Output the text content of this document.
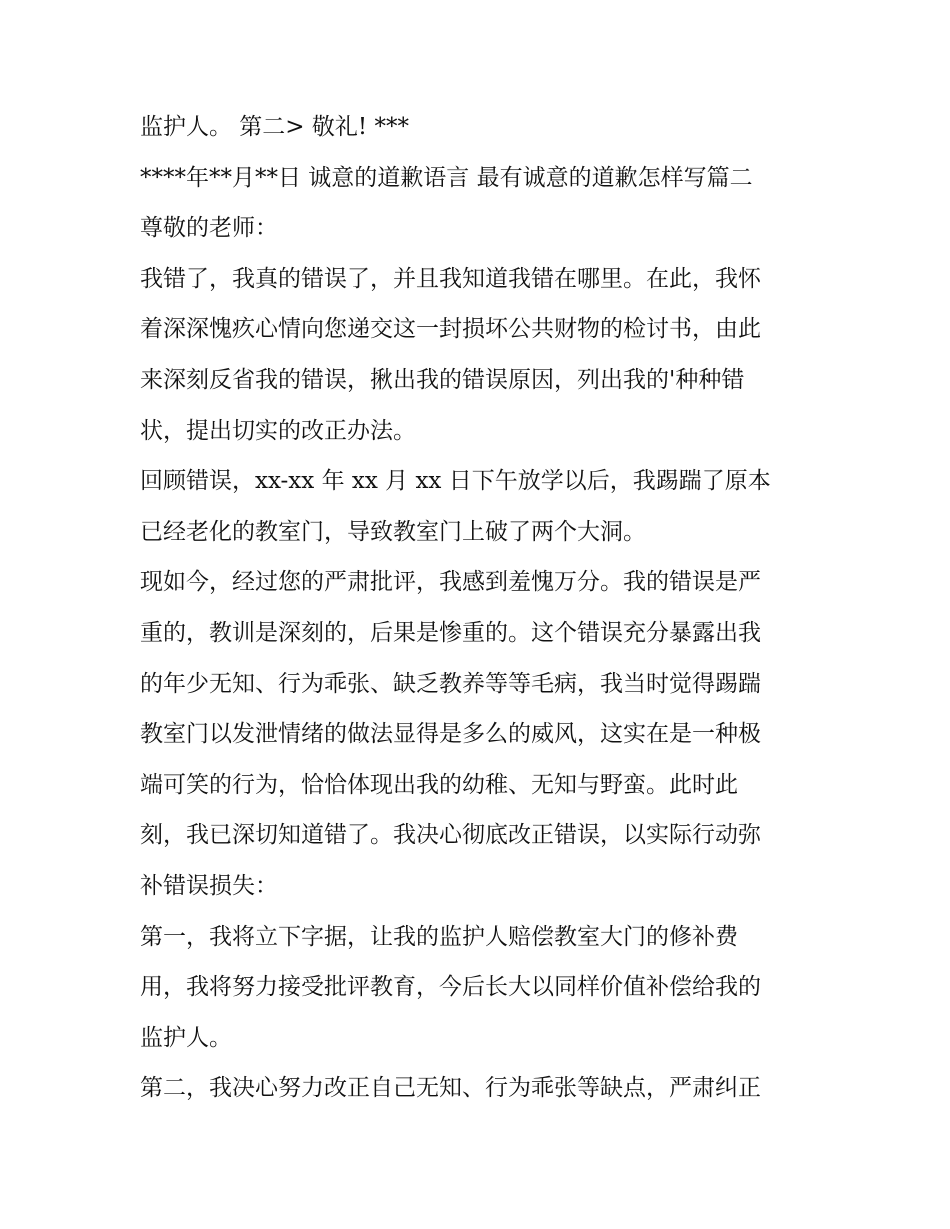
监护人。 第二> 敬礼! ***
****年**月**日 诚意的道歉语言 最有诚意的道歉怎样写篇二
尊敬的老师：
我错了，我真的错误了，并且我知道我错在哪里。在此，我怀
着深深愧疚心情向您递交这一封损坏公共财物的检讨书，由此
来深刻反省我的错误，揪出我的错误原因，列出我的'种种错
状，提出切实的改正办法。
回顾错误，xx-xx 年 xx 月 xx 日下午放学以后，我踢踹了原本
已经老化的教室门，导致教室门上破了两个大洞。
现如今，经过您的严肃批评，我感到羞愧万分。我的错误是严
重的，教训是深刻的，后果是惨重的。这个错误充分暴露出我
的年少无知、行为乖张、缺乏教养等等毛病，我当时觉得踢踹
教室门以发泄情绪的做法显得是多么的威风，这实在是一种极
端可笑的行为，恰恰体现出我的幼稚、无知与野蛮。此时此
刻，我已深切知道错了。我决心彻底改正错误，以实际行动弥
补错误损失：
第一，我将立下字据，让我的监护人赔偿教室大门的修补费
用，我将努力接受批评教育，今后长大以同样价值补偿给我的
监护人。
第二，我决心努力改正自己无知、行为乖张等缺点，严肃纠正
